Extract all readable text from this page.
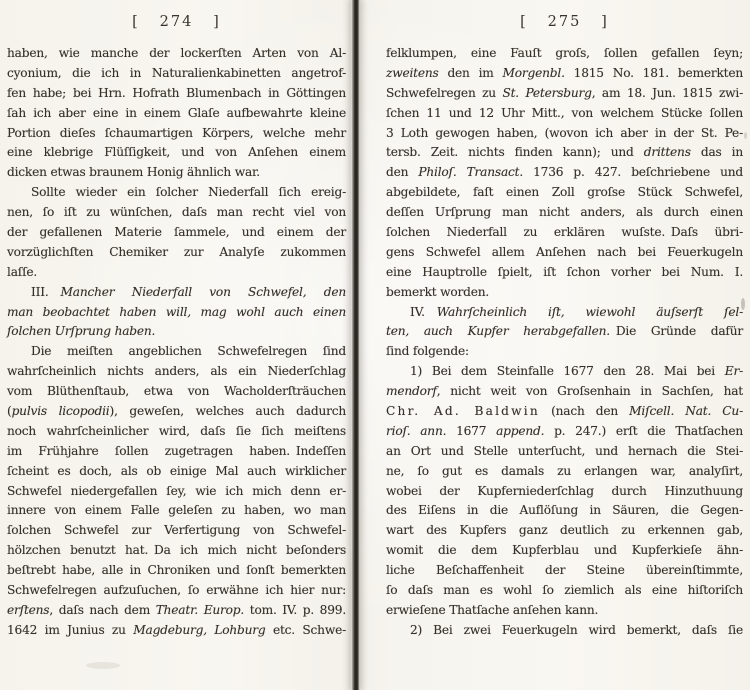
[   274   ]
haben, wie manche der lockerſten Arten von Al-
cyonium, die ich in Naturalienkabinetten angetrof-
fen habe; bei Hrn. Hofrath Blumenbach in Göttingen
ſah ich aber eine in einem Glaſe aufbewahrte kleine
Portion dieſes ſchaumartigen Körpers, welche mehr
eine klebrige Flüſſigkeit, und von Anſehen einem
dicken etwas braunem Honig ähnlich war.
Sollte wieder ein ſolcher Niederfall ſich ereig-
nen, ſo iſt zu wünſchen, daſs man recht viel von
der gefallenen Materie ſammele, und einem der
vorzüglichſten Chemiker zur Analyſe zukommen
laſſe.
III. Mancher Niederfall von Schwefel, den
man beobachtet haben will, mag wohl auch einen
ſolchen Urſprung haben.
Die meiſten angeblichen Schwefelregen ſind
wahrſcheinlich nichts anders, als ein Niederſchlag
vom Blüthenſtaub, etwa von Wacholderſträuchen
(pulvis licopodii), geweſen, welches auch dadurch
noch wahrſcheinlicher wird, daſs ſie ſich meiſtens
im Frühjahre ſollen zugetragen haben. Indeſſen
ſcheint es doch, als ob einige Mal auch wirklicher
Schwefel niedergefallen ſey, wie ich mich denn er-
innere von einem Falle geleſen zu haben, wo man
ſolchen Schwefel zur Verfertigung von Schwefel-
hölzchen benutzt hat. Da ich mich nicht beſonders
beſtrebt habe, alle in Chroniken und ſonſt bemerkten
Schwefelregen aufzuſuchen, ſo erwähne ich hier nur:
erſtens, daſs nach dem Theatr. Europ. tom. IV. p. 899.
1642 im Junius zu Magdeburg, Lohburg etc. Schwe-
[   275   ]
felklumpen, eine Fauſt groſs, ſollen gefallen ſeyn;
zweitens den im Morgenbl. 1815 No. 181. bemerkten
Schwefelregen zu St. Petersburg, am 18. Jun. 1815 zwi-
ſchen 11 und 12 Uhr Mitt., von welchem Stücke ſollen
3 Loth gewogen haben, (wovon ich aber in der St. Pe-
tersb. Zeit. nichts finden kann); und drittens das in
den Philoſ. Transact. 1736 p. 427. beſchriebene und
abgebildete, faſt einen Zoll groſse Stück Schwefel,
deſſen Urſprung man nicht anders, als durch einen
ſolchen Niederfall zu erklären wuſste. Daſs übri-
gens Schwefel allem Anſehen nach bei Feuerkugeln
eine Hauptrolle ſpielt, iſt ſchon vorher bei Num. I.
bemerkt worden.
IV. Wahrſcheinlich iſt, wiewohl äuſserſt ſel-
ten, auch Kupfer herabgefallen. Die Gründe dafür
ſind folgende:
1) Bei dem Steinfalle 1677 den 28. Mai bei Er-
mendorf, nicht weit von Groſsenhain in Sachſen, hat
Chr. Ad. Baldwin (nach den Miſcell. Nat. Cu-
rioſ. ann. 1677 append. p. 247.) erſt die Thatſachen
an Ort und Stelle unterſucht, und hernach die Stei-
ne, ſo gut es damals zu erlangen war, analyſirt,
wobei der Kupferniederſchlag durch Hinzuthuung
des Eiſens in die Auflöſung in Säuren, die Gegen-
wart des Kupfers ganz deutlich zu erkennen gab,
womit die dem Kupferblau und Kupferkieſe ähn-
liche Beſchaffenheit der Steine übereinſtimmte,
ſo daſs man es wohl ſo ziemlich als eine hiſtoriſch
erwieſene Thatſache anſehen kann.
2) Bei zwei Feuerkugeln wird bemerkt, daſs ſie
